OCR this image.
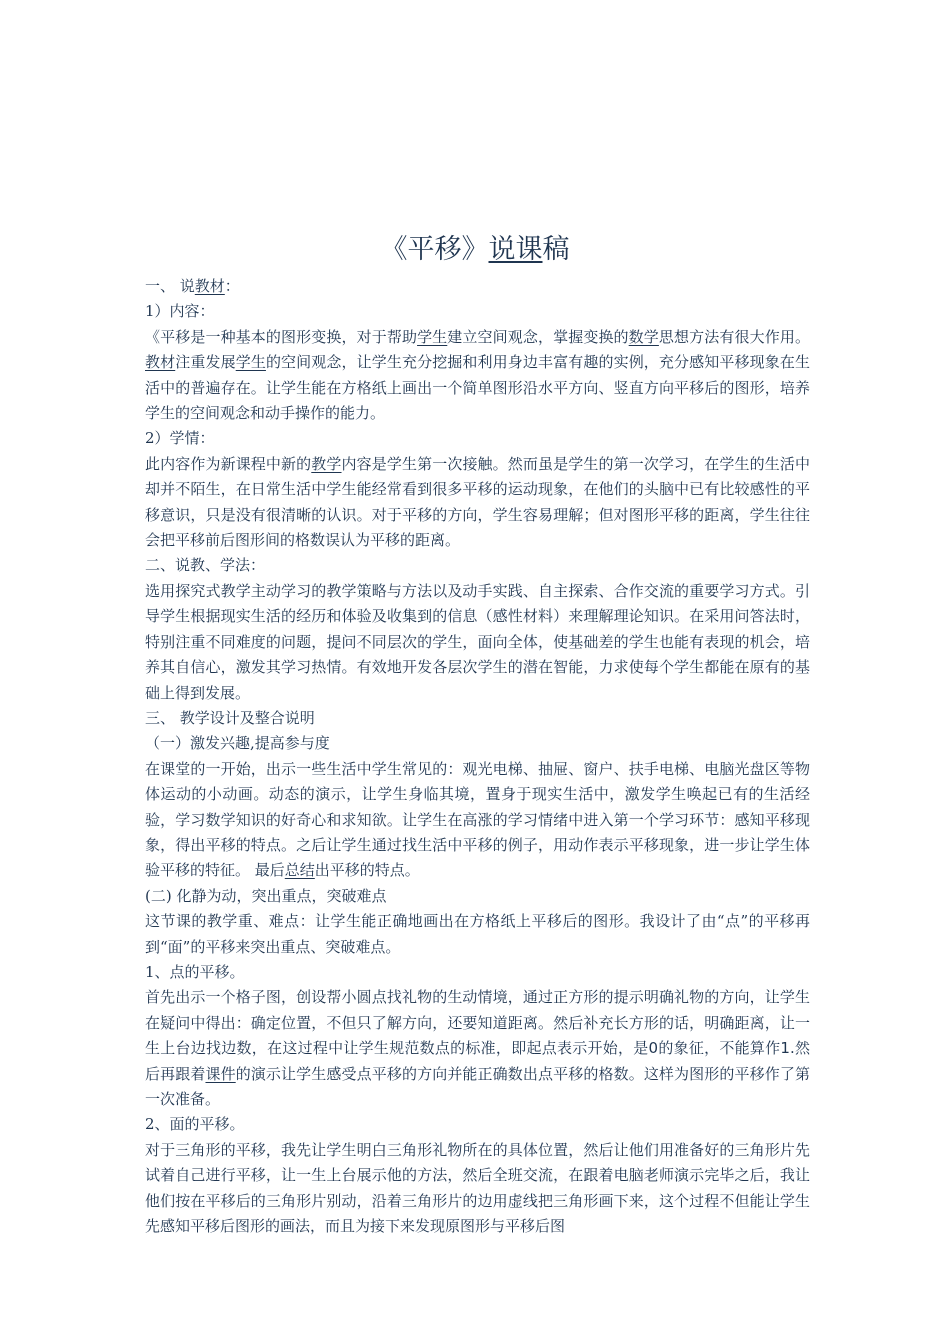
《平移》说课稿

一、 说教材：

1）内容：

《平移是一种基本的图形变换，对于帮助学生建立空间观念，掌握变换的数学思想方法有很大作用。教材注重发展学生的空间观念，让学生充分挖掘和利用身边丰富有趣的实例，充分感知平移现象在生活中的普遍存在。让学生能在方格纸上画出一个简单图形沿水平方向、竖直方向平移后的图形，培养学生的空间观念和动手操作的能力。

2）学情：

此内容作为新课程中新的教学内容是学生第一次接触。然而虽是学生的第一次学习，在学生的生活中却并不陌生，在日常生活中学生能经常看到很多平移的运动现象，在他们的头脑中已有比较感性的平移意识，只是没有很清晰的认识。对于平移的方向，学生容易理解；但对图形平移的距离，学生往往会把平移前后图形间的格数误认为平移的距离。

二、说教、学法：

选用探究式教学主动学习的教学策略与方法以及动手实践、自主探索、合作交流的重要学习方式。引导学生根据现实生活的经历和体验及收集到的信息（感性材料）来理解理论知识。在采用问答法时，特别注重不同难度的问题，提问不同层次的学生，面向全体，使基础差的学生也能有表现的机会，培养其自信心，激发其学习热情。有效地开发各层次学生的潜在智能，力求使每个学生都能在原有的基础上得到发展。

三、 教学设计及整合说明

（一）激发兴趣,提高参与度

在课堂的一开始，出示一些生活中学生常见的：观光电梯、抽屉、窗户、扶手电梯、电脑光盘区等物体运动的小动画。动态的演示，让学生身临其境，置身于现实生活中，激发学生唤起已有的生活经验，学习数学知识的好奇心和求知欲。让学生在高涨的学习情绪中进入第一个学习环节：感知平移现象，得出平移的特点。之后让学生通过找生活中平移的例子，用动作表示平移现象，进一步让学生体验平移的特征。 最后总结出平移的特点。

(二) 化静为动，突出重点，突破难点

这节课的教学重、难点：让学生能正确地画出在方格纸上平移后的图形。我设计了由“点”的平移再到“面”的平移来突出重点、突破难点。

1、点的平移。

首先出示一个格子图，创设帮小圆点找礼物的生动情境，通过正方形的提示明确礼物的方向，让学生在疑问中得出：确定位置，不但只了解方向，还要知道距离。然后补充长方形的话，明确距离，让一生上台边找边数，在这过程中让学生规范数点的标准，即起点表示开始，是0的象征，不能算作1.然后再跟着课件的演示让学生感受点平移的方向并能正确数出点平移的格数。这样为图形的平移作了第一次准备。

2、面的平移。

对于三角形的平移，我先让学生明白三角形礼物所在的具体位置，然后让他们用准备好的三角形片先试着自己进行平移，让一生上台展示他的方法，然后全班交流，在跟着电脑老师演示完毕之后，我让他们按在平移后的三角形片别动，沿着三角形片的边用虚线把三角形画下来，这个过程不但能让学生先感知平移后图形的画法，而且为接下来发现原图形与平移后图
